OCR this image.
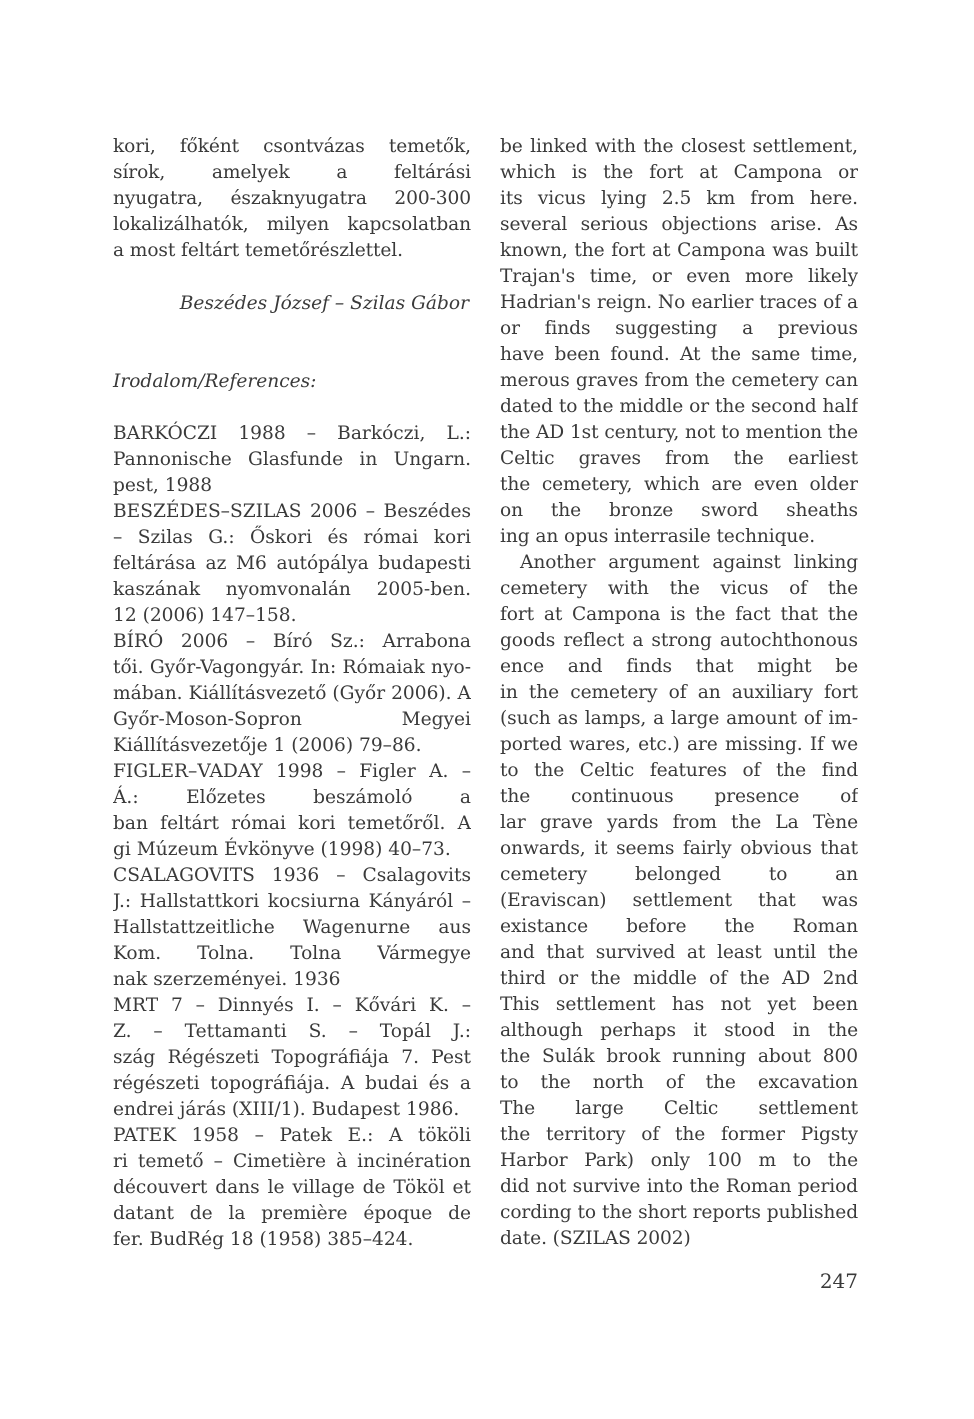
kori, főként csontvázas temetők,
sírok, amelyek a feltárási
nyugatra, északnyugatra 200-300
lokalizálhatók, milyen kapcsolatban
a most feltárt temetőrészlettel.
Beszédes József – Szilas Gábor
Irodalom/References:
BARKÓCZI 1988 – Barkóczi, L.:
Pannonische Glasfunde in Ungarn.
pest, 1988
BESZÉDES–SZILAS 2006 – Beszédes
– Szilas G.: Őskori és római kori
feltárása az M6 autópálya budapesti
kaszának nyomvonalán 2005-ben.
12 (2006) 147–158.
BÍRÓ 2006 – Bíró Sz.: Arrabona
tői. Győr-Vagongyár. In: Rómaiak nyo-
mában. Kiállításvezető (Győr 2006). A
Győr-Moson-Sopron Megyei
Kiállításvezetője 1 (2006) 79–86.
FIGLER–VADAY 1998 – Figler A. –
Á.: Előzetes beszámoló a
ban feltárt római kori temetőről. A
gi Múzeum Évkönyve (1998) 40–73.
CSALAGOVITS 1936 – Csalagovits
J.: Hallstattkori kocsiurna Kányáról –
Hallstattzeitliche Wagenurne aus
Kom. Tolna. Tolna Vármegye
nak szerzeményei. 1936
MRT 7 – Dinnyés I. – Kővári K. –
Z. – Tettamanti S. – Topál J.:
szág Régészeti Topográfiája 7. Pest
régészeti topográfiája. A budai és a
endrei járás (XIII/1). Budapest 1986.
PATEK 1958 – Patek E.: A tököli
ri temető – Cimetière à incinération
découvert dans le village de Tököl et
datant de la première époque de
fer. BudRég 18 (1958) 385–424.
be linked with the closest settlement,
which is the fort at Campona or
its vicus lying 2.5 km from here.
several serious objections arise. As
known, the fort at Campona was built
Trajan's time, or even more likely
Hadrian's reign. No earlier traces of a
or finds suggesting a previous
have been found. At the same time,
merous graves from the cemetery can
dated to the middle or the second half
the AD 1st century, not to mention the
Celtic graves from the earliest
the cemetery, which are even older
on the bronze sword sheaths
ing an opus interrasile technique.
Another argument against linking
cemetery with the vicus of the
fort at Campona is the fact that the
goods reflect a strong autochthonous
ence and finds that might be
in the cemetery of an auxiliary fort
(such as lamps, a large amount of im-
ported wares, etc.) are missing. If we
to the Celtic features of the find
the continuous presence of
lar grave yards from the La Tène
onwards, it seems fairly obvious that
cemetery belonged to an
(Eraviscan) settlement that was
existance before the Roman
and that survived at least until the
third or the middle of the AD 2nd
This settlement has not yet been
although perhaps it stood in the
the Sulák brook running about 800
to the north of the excavation
The large Celtic settlement
the territory of the former Pigsty
Harbor Park) only 100 m to the
did not survive into the Roman period
cording to the short reports published
date. (SZILAS 2002)
247
